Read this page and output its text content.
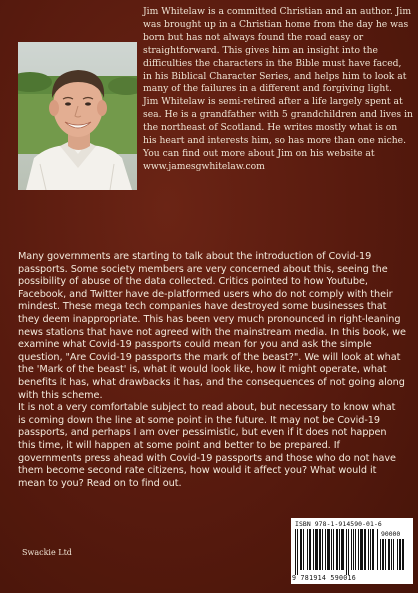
Jim Whitelaw is a committed Christian and an author. Jim was brought up in a Christian home from the day he was born but has not always found the road easy or straightforward. This gives him an insight into the difficulties the characters in the Bible must have faced, in his Biblical Character Series, and helps him to look at many of the failures in a different and forgiving light.

Jim Whitelaw is semi-retired after a life largely spent at sea. He is a grandfather with 5 grandchildren and lives in the northeast of Scotland. He writes mostly what is on his heart and interests him, so has more than one niche. You can find out more about Jim on his website at www.jamesgwhitelaw.com

Many governments are starting to talk about the introduction of Covid-19 passports. Some society members are very concerned about this, seeing the possibility of abuse of the data collected. Critics pointed to how Youtube, Facebook, and Twitter have de-platformed users who do not comply with their mindest. These mega tech companies have destroyed some businesses that they deem inappropriate. This has been very much pronounced in right-leaning news stations that have not agreed with the mainstream media. In this book, we examine what Covid-19 passports could mean for you and ask the simple question, "Are Covid-19 passports the mark of the beast?". We will look at what the 'Mark of the beast' is, what it would look like, how it might operate, what benefits it has, what drawbacks it has, and the consequences of not going along with this scheme.

It is not a very comfortable subject to read about, but necessary to know what is coming down the line at some point in the future. It may not be Covid-19 passports, and perhaps I am over pessimistic, but even if it does not happen this time, it will happen at some point and better to be prepared. If governments press ahead with Covid-19 passports and those who do not have them become second rate citizens, how would it affect you? What would it mean to you? Read on to find out.

Swackie Ltd
ISBN 978-1-914590-01-6
90000
9 781914 590016
